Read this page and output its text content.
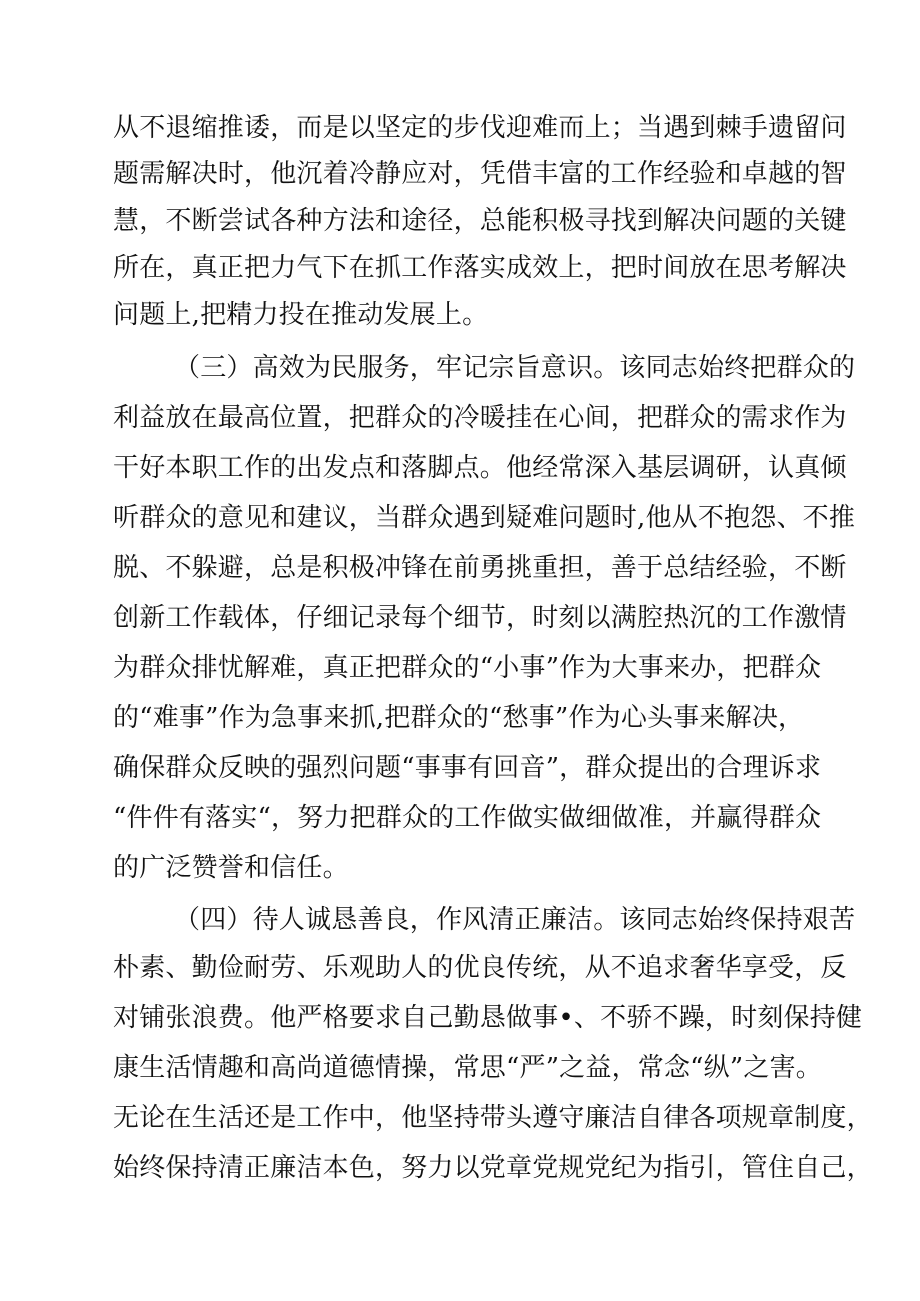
从不退缩推诿，而是以坚定的步伐迎难而上；当遇到棘手遗留问
题需解决时，他沉着冷静应对，凭借丰富的工作经验和卓越的智
慧，不断尝试各种方法和途径，总能积极寻找到解决问题的关键
所在，真正把力气下在抓工作落实成效上，把时间放在思考解决
问题上,把精力投在推动发展上。
（三）高效为民服务，牢记宗旨意识。该同志始终把群众的
利益放在最高位置，把群众的冷暖挂在心间，把群众的需求作为
干好本职工作的出发点和落脚点。他经常深入基层调研，认真倾
听群众的意见和建议，当群众遇到疑难问题时,他从不抱怨、不推
脱、不躲避，总是积极冲锋在前勇挑重担，善于总结经验，不断
创新工作载体，仔细记录每个细节，时刻以满腔热沉的工作激情
为群众排忧解难，真正把群众的“小事”作为大事来办，把群众
的“难事”作为急事来抓,把群众的“愁事”作为心头事来解决，
确保群众反映的强烈问题“事事有回音”，群众提出的合理诉求
“件件有落实“，努力把群众的工作做实做细做准，并赢得群众
的广泛赞誉和信任。
（四）待人诚恳善良，作风清正廉洁。该同志始终保持艰苦
朴素、勤俭耐劳、乐观助人的优良传统，从不追求奢华享受，反
对铺张浪费。他严格要求自己勤恳做事•、不骄不躁，时刻保持健
康生活情趣和高尚道德情操，常思“严”之益，常念“纵”之害。
无论在生活还是工作中，他坚持带头遵守廉洁自律各项规章制度，
始终保持清正廉洁本色，努力以党章党规党纪为指引，管住自己，
